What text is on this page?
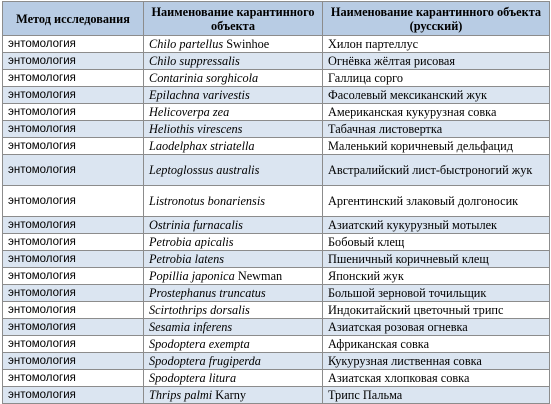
Метод исследования	Наименование карантинного объекта	Наименование карантинного объекта (русский)
энтомология	Chilo partellus Swinhoe	Хилон партеллус
энтомология	Chilo suppressalis	Огнёвка жёлтая рисовая
энтомология	Contarinia sorghicola	Галлица сорго
энтомология	Epilachna varivestis	Фасолевый мексиканский жук
энтомология	Helicoverpa zea	Американская кукурузная совка
энтомология	Heliothis virescens	Табачная листовертка
энтомология	Laodelphax striatella	Маленький коричневый дельфацид
энтомология	Leptoglossus australis	Австралийский лист-быстроногий жук
энтомология	Listronotus bonariensis	Аргентинский злаковый долгоносик
энтомология	Ostrinia furnacalis	Азиатский кукурузный мотылек
энтомология	Petrobia apicalis	Бобовый клещ
энтомология	Petrobia latens	Пшеничный коричневый клещ
энтомология	Popillia japonica Newman	Японский жук
энтомология	Prostephanus truncatus	Большой зерновой точильщик
энтомология	Scirtothrips dorsalis	Индокитайский цветочный трипс
энтомология	Sesamia inferens	Азиатская розовая огневка
энтомология	Spodoptera exempta	Африканская совка
энтомология	Spodoptera frugiperda	Кукурузная лиственная совка
энтомология	Spodoptera litura	Азиатская хлопковая совка
энтомология	Thrips palmi Karny	Трипс Пальма
